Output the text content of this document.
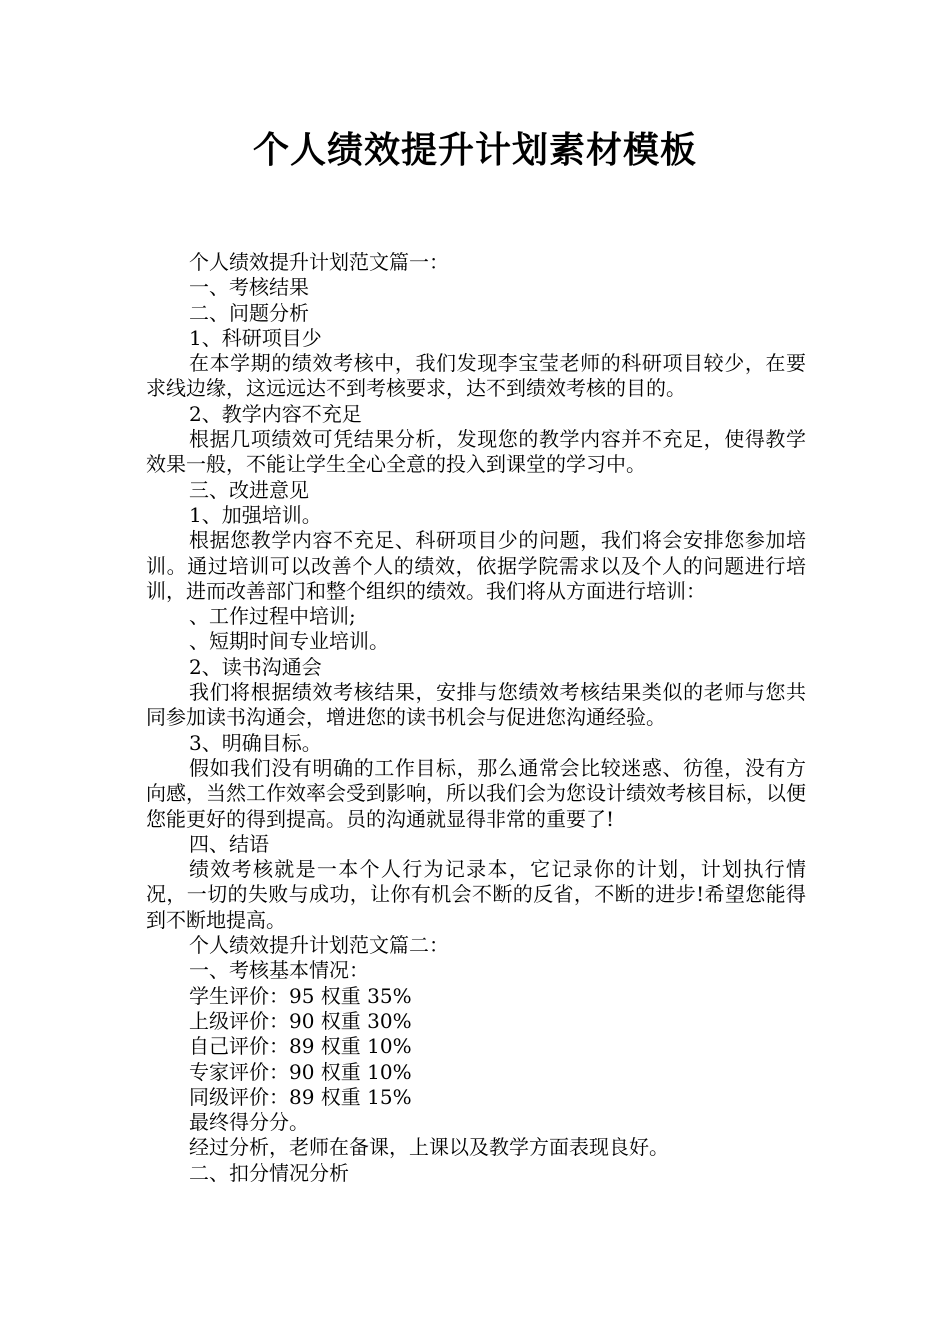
个人绩效提升计划素材模板

个人绩效提升计划范文篇一：

一、考核结果

二、问题分析

1、科研项目少

在本学期的绩效考核中，我们发现李宝莹老师的科研项目较少，在要求线边缘，这远远达不到考核要求，达不到绩效考核的目的。

2、教学内容不充足

根据几项绩效可凭结果分析，发现您的教学内容并不充足，使得教学效果一般，不能让学生全心全意的投入到课堂的学习中。

三、改进意见

1、加强培训。

根据您教学内容不充足、科研项目少的问题，我们将会安排您参加培训。通过培训可以改善个人的绩效，依据学院需求以及个人的问题进行培训，进而改善部门和整个组织的绩效。我们将从方面进行培训：

、工作过程中培训;

、短期时间专业培训。

2、读书沟通会

我们将根据绩效考核结果，安排与您绩效考核结果类似的老师与您共同参加读书沟通会，增进您的读书机会与促进您沟通经验。

3、明确目标。

假如我们没有明确的工作目标，那么通常会比较迷惑、彷徨，没有方向感，当然工作效率会受到影响，所以我们会为您设计绩效考核目标，以便您能更好的得到提高。员的沟通就显得非常的重要了!

四、结语

绩效考核就是一本个人行为记录本，它记录你的计划，计划执行情况，一切的失败与成功，让你有机会不断的反省，不断的进步!希望您能得到不断地提高。

个人绩效提升计划范文篇二：

一、考核基本情况：

学生评价：95 权重 35%

上级评价：90 权重 30%

自己评价：89 权重 10%

专家评价：90 权重 10%

同级评价：89 权重 15%

最终得分分。

经过分析，老师在备课，上课以及教学方面表现良好。

二、扣分情况分析
